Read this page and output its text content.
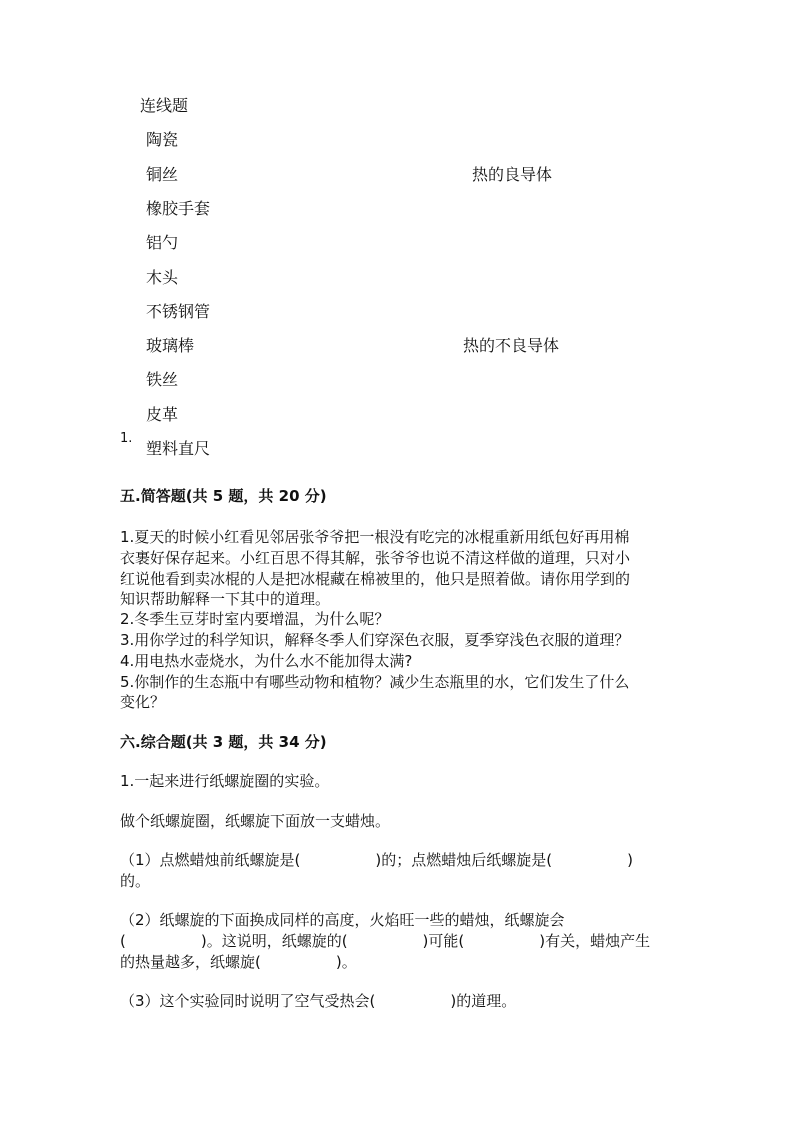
连线题
陶瓷
铜丝
橡胶手套
铝勺
木头
不锈钢管
玻璃棒
铁丝
皮革
塑料直尺
1.
热的良导体
热的不良导体
五.简答题(共 5 题，共 20 分)
1.夏天的时候小红看见邻居张爷爷把一根没有吃完的冰棍重新用纸包好再用棉
衣裹好保存起来。小红百思不得其解，张爷爷也说不清这样做的道理，只对小
红说他看到卖冰棍的人是把冰棍藏在棉被里的，他只是照着做。请你用学到的
知识帮助解释一下其中的道理。
2.冬季生豆芽时室内要增温，为什么呢？
3.用你学过的科学知识，解释冬季人们穿深色衣服，夏季穿浅色衣服的道理？
4.用电热水壶烧水，为什么水不能加得太满?
5.你制作的生态瓶中有哪些动物和植物？减少生态瓶里的水，它们发生了什么
变化？
六.综合题(共 3 题，共 34 分)
1.一起来进行纸螺旋圈的实验。
做个纸螺旋圈，纸螺旋下面放一支蜡烛。
（1）点燃蜡烛前纸螺旋是(　　　　　)的；点燃蜡烛后纸螺旋是(　　　　　)
的。
（2）纸螺旋的下面换成同样的高度，火焰旺一些的蜡烛，纸螺旋会
(　　　　　)。这说明，纸螺旋的(　　　　　)可能(　　　　　)有关，蜡烛产生
的热量越多，纸螺旋(　　　　　)。
（3）这个实验同时说明了空气受热会(　　　　　)的道理。
